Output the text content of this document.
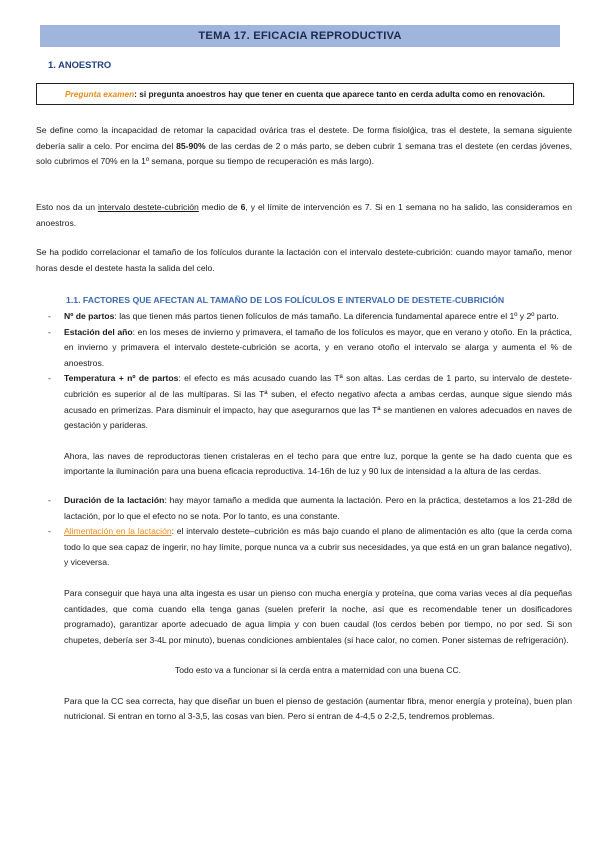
TEMA 17. EFICACIA REPRODUCTIVA
1. ANOESTRO
Pregunta examen: si pregunta anoestros hay que tener en cuenta que aparece tanto en cerda adulta como en renovación.

Se define como la incapacidad de retomar la capacidad ovárica tras el destete. De forma fisiolǵica, tras el destete, la semana siguiente debería salir a celo. Por encima del 85-90% de las cerdas de 2 o más parto, se deben cubrir 1 semana tras el destete (en cerdas jóvenes, solo cubrimos el 70% en la 1º semana, porque su tiempo de recuperación es más largo).

Esto nos da un intervalo destete-cubrición medio de 6, y el límite de intervención es 7. Si en 1 semana no ha salido, las consideramos en anoestros.

Se ha podido correlacionar el tamaño de los folículos durante la lactación con el intervalo destete-cubrición: cuando mayor tamaño, menor horas desde el destete hasta la salida del celo.

1.1. FACTORES QUE AFECTAN AL TAMAÑO DE LOS FOLÍCULOS E INTERVALO DE DESTETE-CUBRICIÓN
- Nº de partos: las que tienen más partos tienen folículos de más tamaño. La diferencia fundamental aparece entre el 1º y 2º parto.
- Estación del año: en los meses de invierno y primavera, el tamaño de los folículos es mayor, que en verano y otoño. En la práctica, en invierno y primavera el intervalo destete-cubrición se acorta, y en verano otoño el intervalo se alarga y aumenta el % de anoestros.
- Temperatura + nº de partos: el efecto es más acusado cuando las Tª son altas. Las cerdas de 1 parto, su intervalo de destete-cubrición es superior al de las multíparas. Si las Tª suben, el efecto negativo afecta a ambas cerdas, aunque sigue siendo más acusado en primerizas. Para disminuir el impacto, hay que asegurarnos que las Tª se mantienen en valores adecuados en naves de gestación y parideras.
Ahora, las naves de reproductoras tienen cristaleras en el techo para que entre luz, porque la gente se ha dado cuenta que es importante la iluminación para una buena eficacia reproductiva. 14-16h de luz y 90 lux de intensidad a la altura de las cerdas.
- Duración de la lactación: hay mayor tamaño a medida que aumenta la lactación. Pero en la práctica, destetamos a los 21-28d de lactación, por lo que el efecto no se nota. Por lo tanto, es una constante.
- Alimentación en la lactación: el intervalo destete–cubrición es más bajo cuando el plano de alimentación es alto (que la cerda coma todo lo que sea capaz de ingerir, no hay límite, porque nunca va a cubrir sus necesidades, ya que está en un gran balance negativo), y viceversa.
Para conseguir que haya una alta ingesta es usar un pienso con mucha energía y proteína, que coma varias veces al día pequeñas cantidades, que coma cuando ella tenga ganas (suelen preferir la noche, así que es recomendable tener un dosificadores programado), garantizar aporte adecuado de agua limpia y con buen caudal (los cerdos beben por tiempo, no por sed. Si son chupetes, debería ser 3-4L por minuto), buenas condiciones ambientales (si hace calor, no comen. Poner sistemas de refrigeración).
Todo esto va a funcionar si la cerda entra a maternidad con una buena CC.
Para que la CC sea correcta, hay que diseñar un buen el pienso de gestación (aumentar fibra, menor energía y proteína), buen plan nutricional. Si entran en torno al 3-3,5, las cosas van bien. Pero si entran de 4-4,5 o 2-2,5, tendremos problemas.
